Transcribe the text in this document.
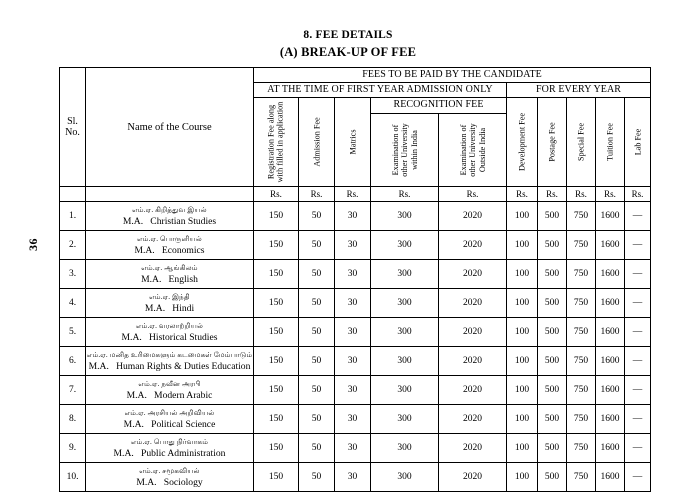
36
8. FEE DETAILS
(A) BREAK-UP OF FEE
Sl.
No.	Name of the Course	FEES TO BE PAID BY THE CANDIDATE									
		AT THE TIME OF FIRST YEAR ADMISSION ONLY					FOR EVERY YEAR				

		Registration Fee along with filled in application	Admission Fee	Matrics	RECOGNITION FEE		Development Fee	Postage Fee	Special Fee	Tuition Fee	Lab Fee

					Examination of other University within India	Examination of other University Outside India					

		Rs.	Rs.	Rs.	Rs.	Rs.	Rs.	Rs.	Rs.	Rs.	Rs.
1.	எம்.ஏ. கிறித்துவ இயல்
M.A.   Christian Studies	150	50	30	300	2020	100	500	750	1600	—
2.	எம்.ஏ. பொருளியல்
M.A.   Economics	150	50	30	300	2020	100	500	750	1600	—
3.	எம்.ஏ. ஆங்கிலம்
M.A.   English	150	50	30	300	2020	100	500	750	1600	—
4.	எம்.ஏ. இந்தி
M.A.   Hindi	150	50	30	300	2020	100	500	750	1600	—
5.	எம்.ஏ. வரலாற்றியல்
M.A.   Historical Studies	150	50	30	300	2020	100	500	750	1600	—
6.	எம்.ஏ. மனித உரிமைகளும் கடமைகள் மேம்பாடும்
M.A.   Human Rights & Duties Education	150	50	30	300	2020	100	500	750	1600	—
7.	எம்.ஏ. நவீன அரபி
M.A.   Modern Arabic	150	50	30	300	2020	100	500	750	1600	—
8.	எம்.ஏ. அரசியல் அறிவியல்
M.A.   Political Science	150	50	30	300	2020	100	500	750	1600	—
9.	எம்.ஏ. பொது நிர்வாகம்
M.A.   Public Administration	150	50	30	300	2020	100	500	750	1600	—
10.	எம்.ஏ. சமூகவியல்
M.A.   Sociology	150	50	30	300	2020	100	500	750	1600	—
